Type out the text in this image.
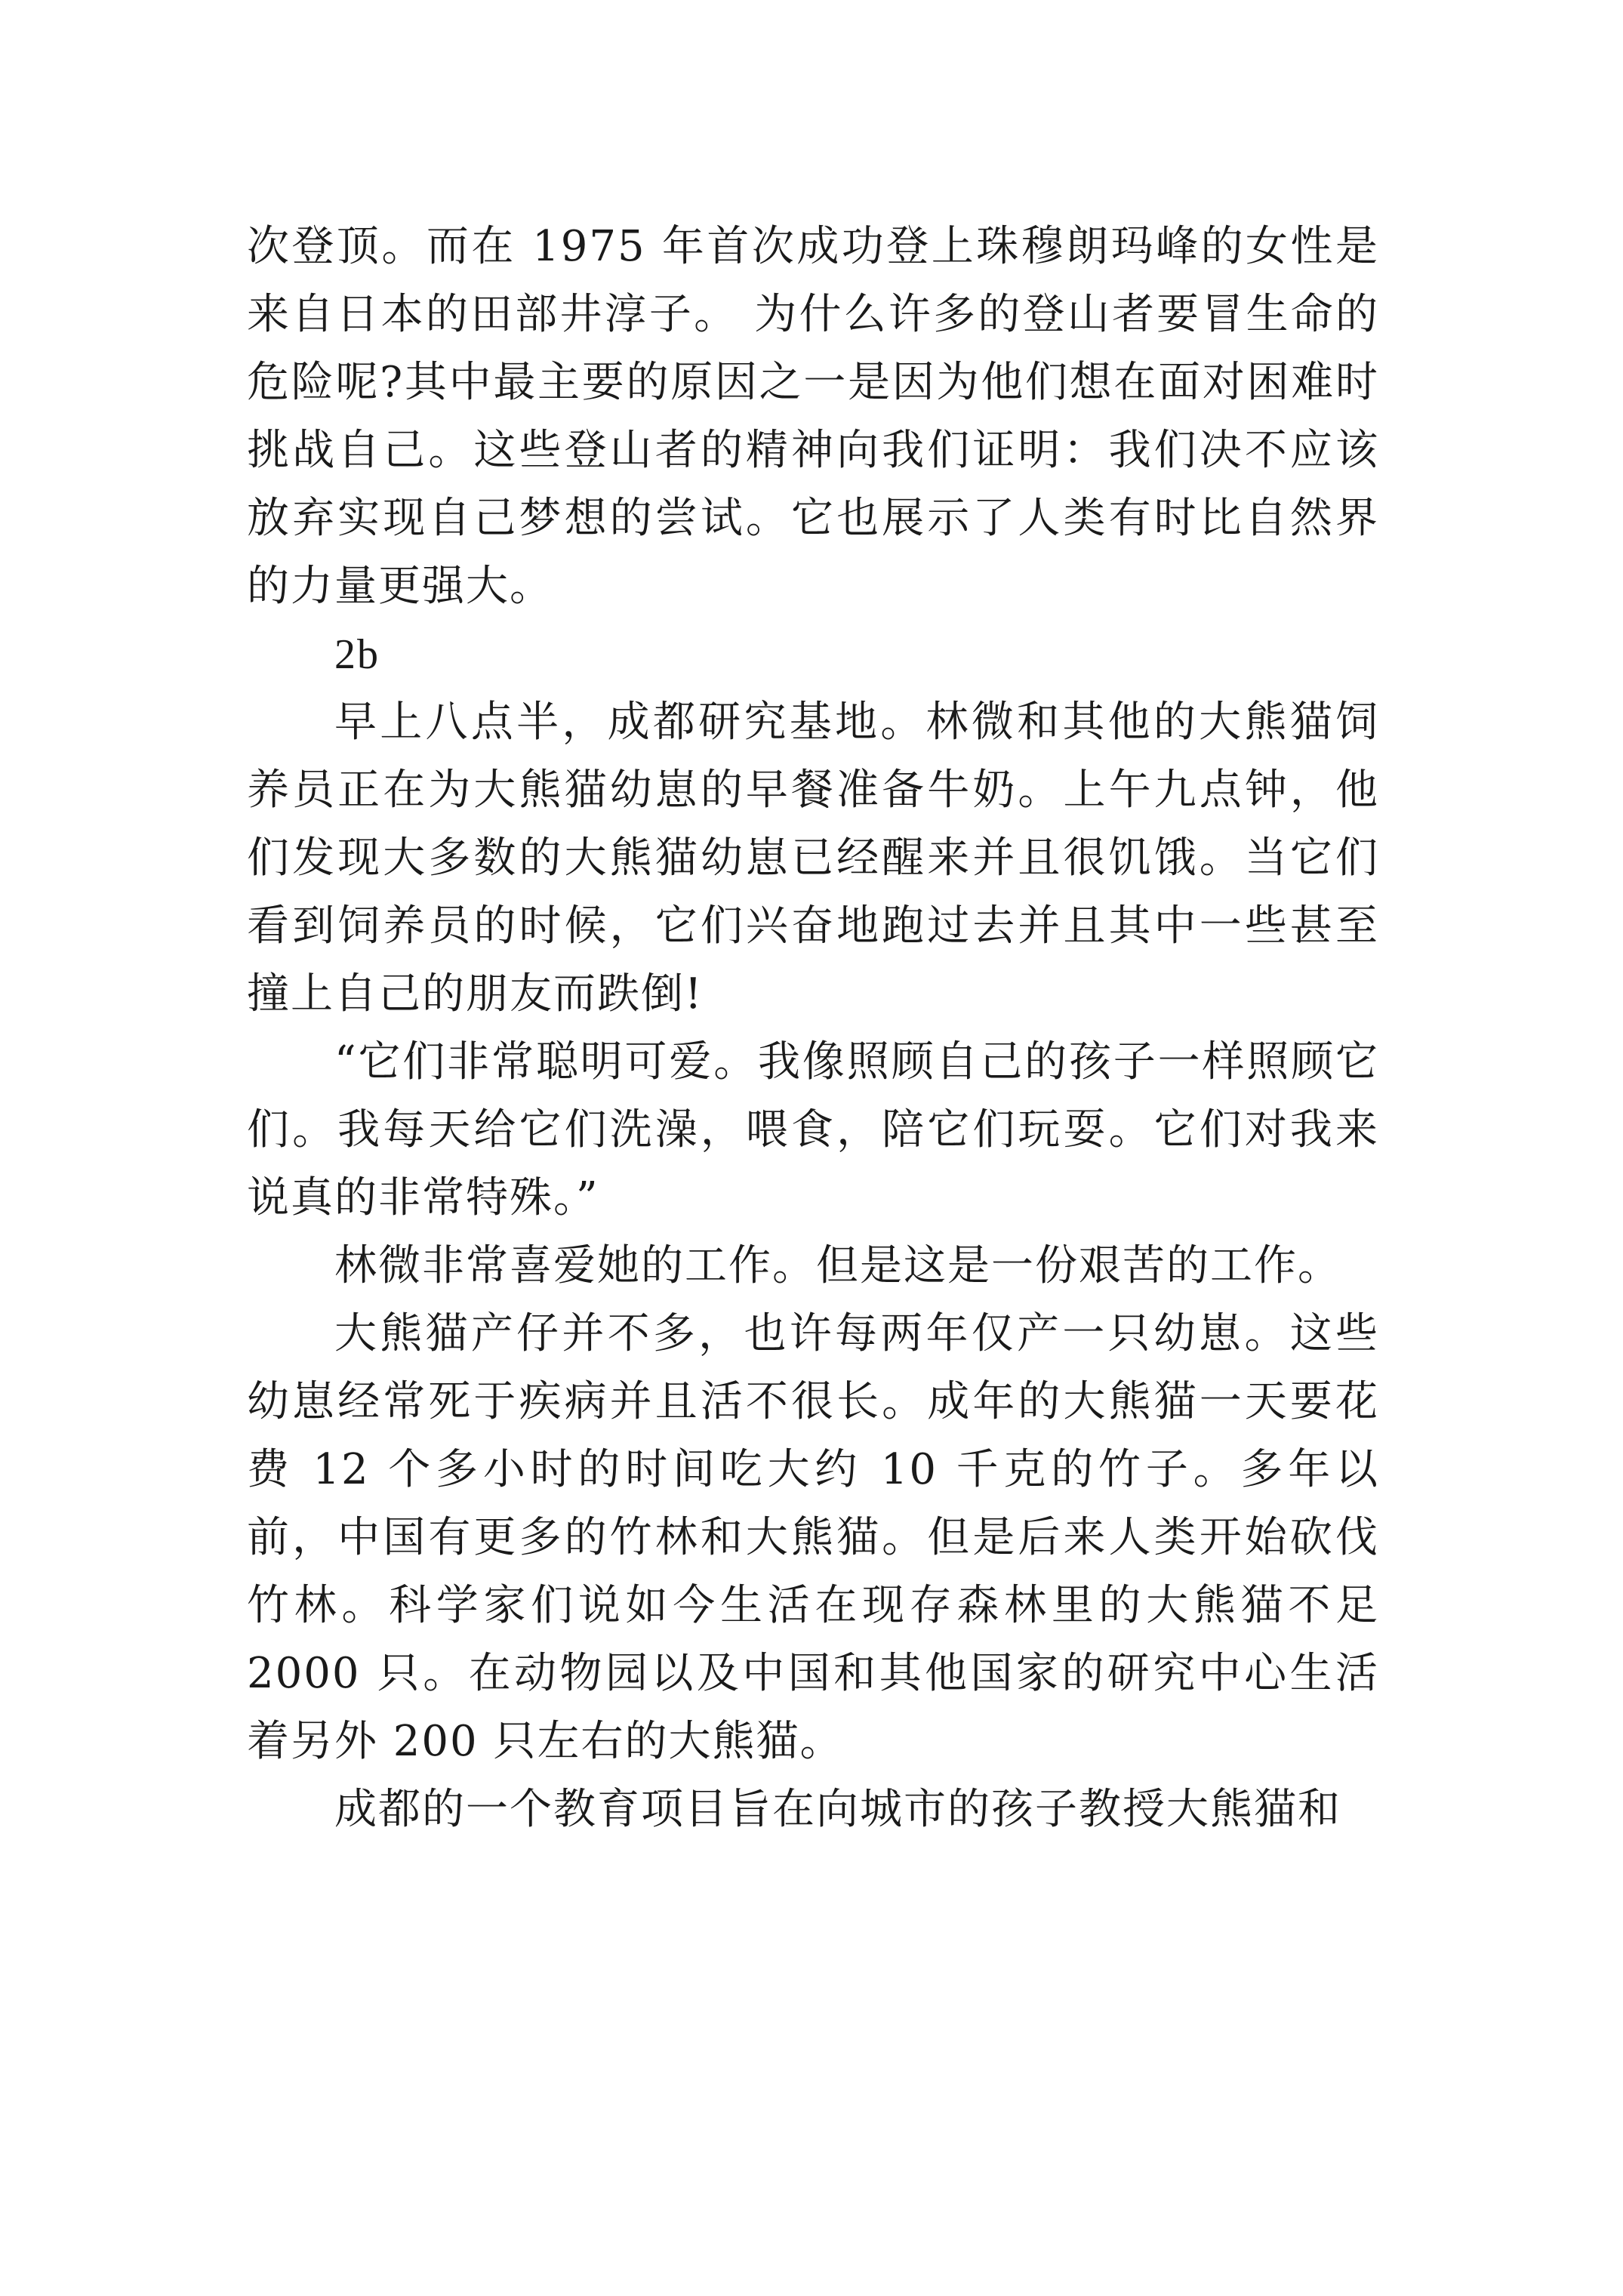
次登顶。而在 1975 年首次成功登上珠穆朗玛峰的女性是来自日本的田部井淳子。 为什么许多的登山者要冒生命的危险呢?其中最主要的原因之一是因为他们想在面对困难时挑战自己。这些登山者的精神向我们证明：我们决不应该放弃实现自己梦想的尝试。它也展示了人类有时比自然界的力量更强大。

2b

早上八点半，成都研究基地。林微和其他的大熊猫饲养员正在为大熊猫幼崽的早餐准备牛奶。上午九点钟，他们发现大多数的大熊猫幼崽已经醒来并且很饥饿。当它们看到饲养员的时候，它们兴奋地跑过去并且其中一些甚至撞上自己的朋友而跌倒!

“它们非常聪明可爱。我像照顾自己的孩子一样照顾它们。我每天给它们洗澡，喂食，陪它们玩耍。它们对我来说真的非常特殊。”

林微非常喜爱她的工作。但是这是一份艰苦的工作。

大熊猫产仔并不多，也许每两年仅产一只幼崽。这些幼崽经常死于疾病并且活不很长。成年的大熊猫一天要花费 12 个多小时的时间吃大约 10 千克的竹子。多年以前，中国有更多的竹林和大熊猫。但是后来人类开始砍伐竹林。科学家们说如今生活在现存森林里的大熊猫不足 2000 只。在动物园以及中国和其他国家的研究中心生活着另外 200 只左右的大熊猫。

成都的一个教育项目旨在向城市的孩子教授大熊猫和
